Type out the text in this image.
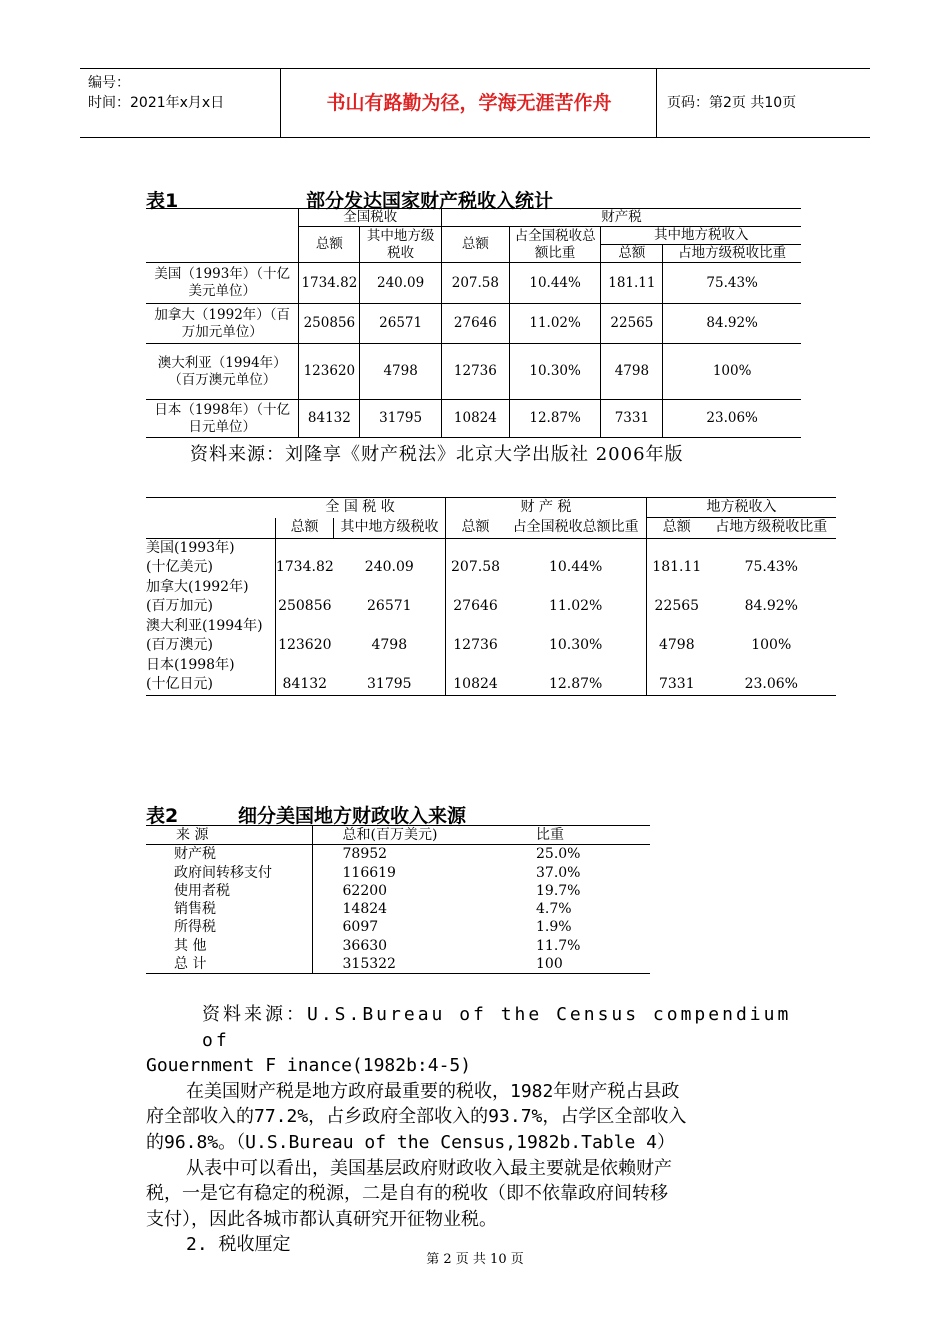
编号：
时间：2021年x月x日	书山有路勤为径，学海无涯苦作舟	页码：第2页 共10页
表1	部分发达国家财产税收入统计
	全国税收		财产税			
	总额	其中地方级税收	总额	占全国税收总额比重	其中地方税收入	
					总额	占地方级税收比重
美国（1993年）（十亿美元单位）	1734.82	240.09	207.58	10.44%	181.11	75.43%
加拿大（1992年）（百万加元单位）	250856	26571	27646	11.02%	22565	84.92%
澳大利亚（1994年）（百万澳元单位）	123620	4798	12736	10.30%	4798	100%
日本（1998年）（十亿日元单位）	84132	31795	10824	12.87%	7331	23.06%
资料来源：刘隆享《财产税法》北京大学出版社 2006年版

	全 国 税 收		财 产 税		地方税收入	
	总额	其中地方级税收	总额	占全国税收总额比重	总额	占地方级税收比重
美国(1993年)						
(十亿美元)	1734.82	240.09	207.58	10.44%	181.11	75.43%
加拿大(1992年)						
(百万加元)	250856	26571	27646	11.02%	22565	84.92%
澳大利亚(1994年)						
(百万澳元)	123620	4798	12736	10.30%	4798	100%
日本(1998年)						
(十亿日元)	84132	31795	10824	12.87%	7331	23.06%
表2	细分美国地方财政收入来源
来 源	总和(百万美元)	比重
财产税	78952	25.0%
政府间转移支付	116619	37.0%
使用者税	62200	19.7%
销售税	14824	4.7%
所得税	6097	1.9%
其 他	36630	11.7%
总 计	315322	100
资料来源：U.S.Bureau of the Census compendium of
Gouernment F inance(1982b:4-5)
在美国财产税是地方政府最重要的税收，1982年财产税占县政
府全部收入的77.2%，占乡政府全部收入的93.7%，占学区全部收入
的96.8%。（U.S.Bureau of the Census,1982b.Table 4）
从表中可以看出，美国基层政府财政收入最主要就是依赖财产
税，一是它有稳定的税源，二是自有的税收（即不依靠政府间转移
支付），因此各城市都认真研究开征物业税。
2. 税收厘定
第 2 页 共 10 页
